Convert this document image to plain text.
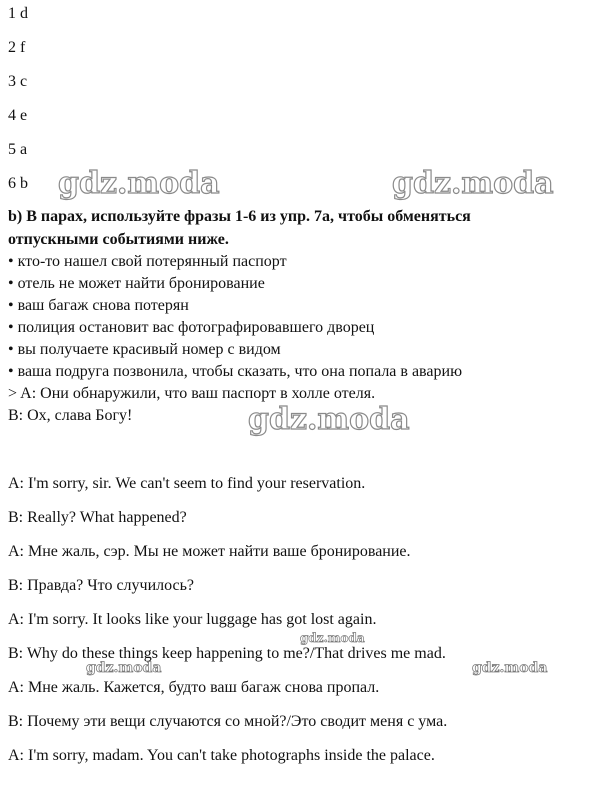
1 d
2 f
3 c
4 e
5 a
6 b
b) В парах, используйте фразы 1-6 из упр. 7а, чтобы обменяться
отпускными событиями ниже.
• кто-то нашел свой потерянный паспорт
• отель не может найти бронирование
• ваш багаж снова потерян
• полиция остановит вас фотографировавшего дворец
• вы получаете красивый номер с видом
• ваша подруга позвонила, чтобы сказать, что она попала в аварию
> A: Они обнаружили, что ваш паспорт в холле отеля.
B: Ох, слава Богу!
A: I'm sorry, sir. We can't seem to find your reservation.
B: Really? What happened?
A: Мне жаль, сэр. Мы не может найти ваше бронирование.
B: Правда? Что случилось?
A: I'm sorry. It looks like your luggage has got lost again.
B: Why do these things keep happening to me?/That drives me mad.
A: Мне жаль. Кажется, будто ваш багаж снова пропал.
B: Почему эти вещи случаются со мной?/Это сводит меня с ума.
A: I'm sorry, madam. You can't take photographs inside the palace.
gdz.moda	gdz.moda
gdz.moda
gdz.moda
gdz.moda	gdz.moda
